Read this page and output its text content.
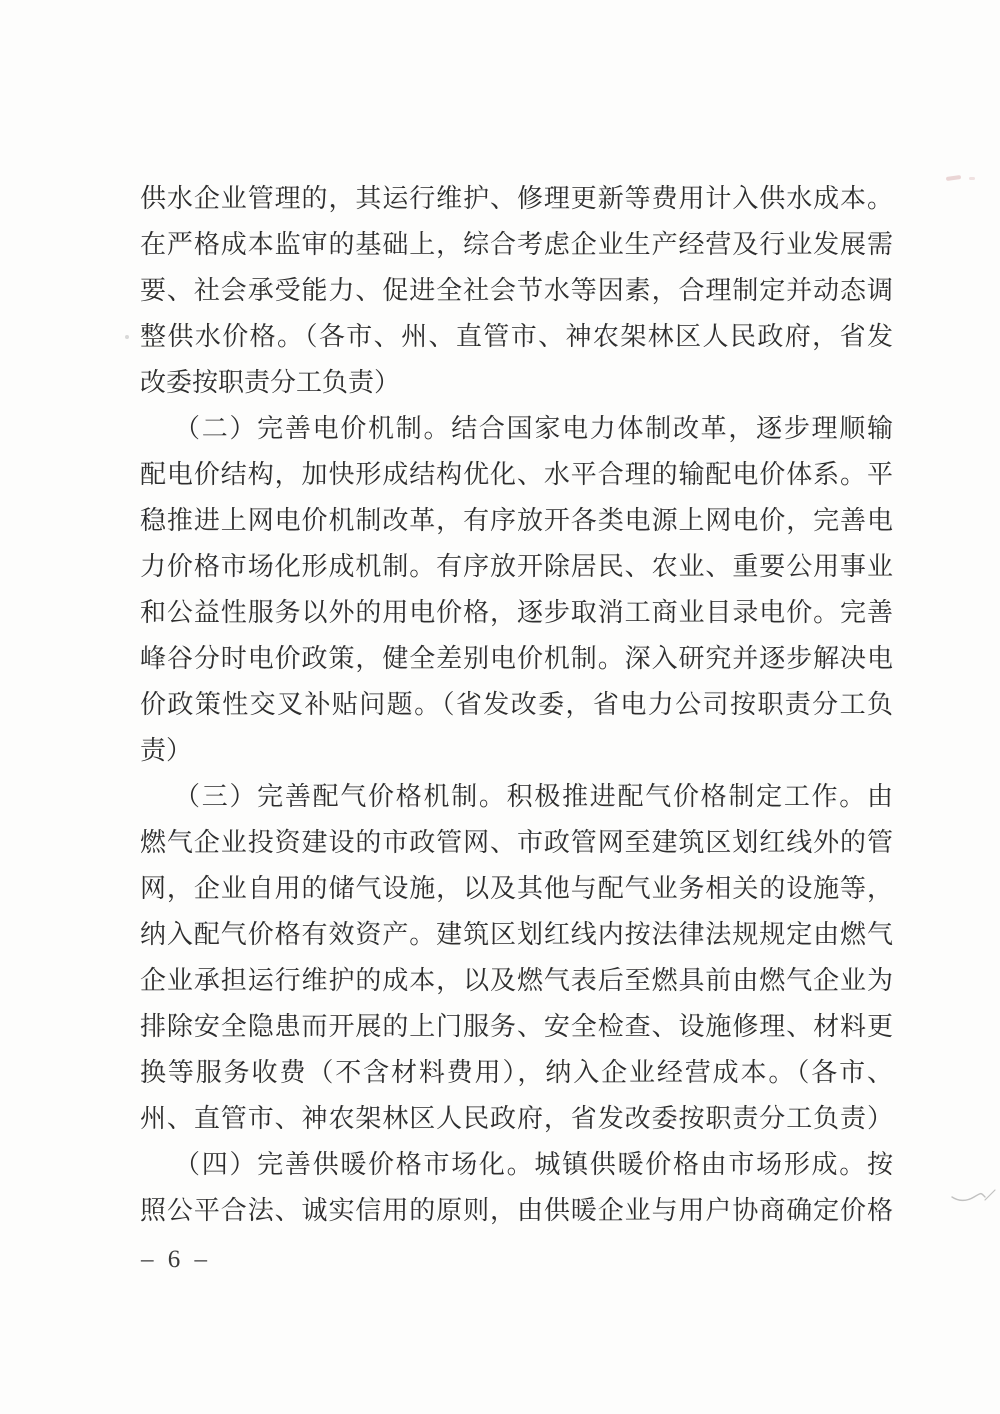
供水企业管理的，其运行维护、修理更新等费用计入供水成本。
在严格成本监审的基础上，综合考虑企业生产经营及行业发展需
要、社会承受能力、促进全社会节水等因素，合理制定并动态调
整供水价格。（各市、州、直管市、神农架林区人民政府，省发
改委按职责分工负责）
（二）完善电价机制。结合国家电力体制改革，逐步理顺输
配电价结构，加快形成结构优化、水平合理的输配电价体系。平
稳推进上网电价机制改革，有序放开各类电源上网电价，完善电
力价格市场化形成机制。有序放开除居民、农业、重要公用事业
和公益性服务以外的用电价格，逐步取消工商业目录电价。完善
峰谷分时电价政策，健全差别电价机制。深入研究并逐步解决电
价政策性交叉补贴问题。（省发改委，省电力公司按职责分工负
责）
（三）完善配气价格机制。积极推进配气价格制定工作。由
燃气企业投资建设的市政管网、市政管网至建筑区划红线外的管
网，企业自用的储气设施，以及其他与配气业务相关的设施等，
纳入配气价格有效资产。建筑区划红线内按法律法规规定由燃气
企业承担运行维护的成本，以及燃气表后至燃具前由燃气企业为
排除安全隐患而开展的上门服务、安全检查、设施修理、材料更
换等服务收费（不含材料费用），纳入企业经营成本。（各市、
州、直管市、神农架林区人民政府，省发改委按职责分工负责）
（四）完善供暖价格市场化。城镇供暖价格由市场形成。按
照公平合法、诚实信用的原则，由供暖企业与用户协商确定价格
– 6 –
